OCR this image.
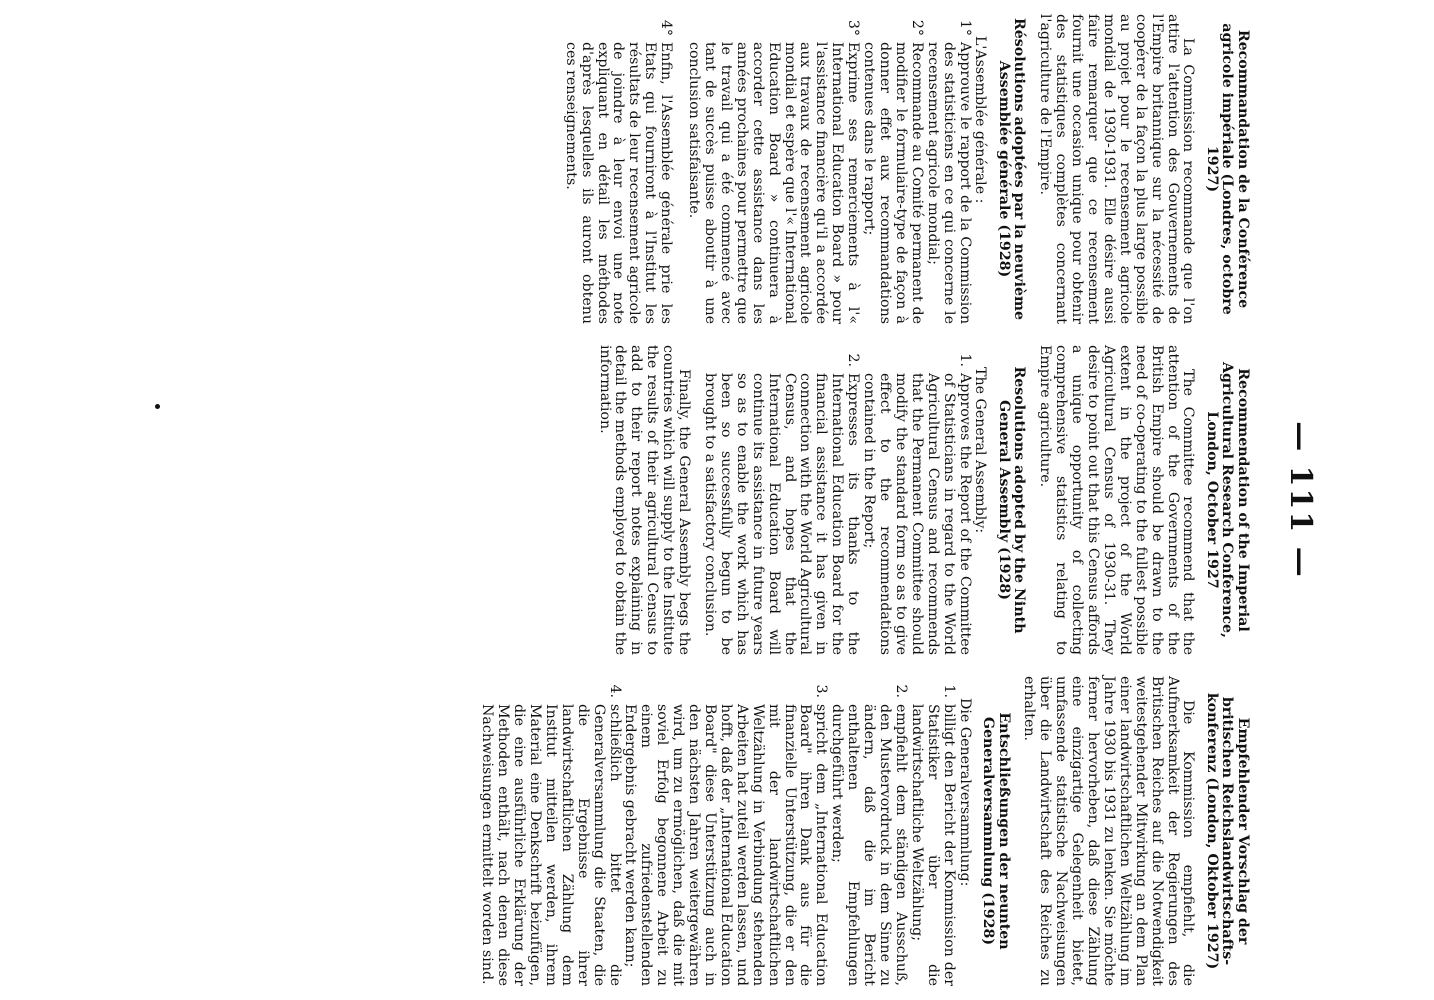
— 111 —

Recommandation de la Conférence agricole impériale (Londres, octobre 1927)

La Commission recommande que l'on attire l'attention des Gouvernements de l'Empire britannique sur la nécessité de coopérer de la façon la plus large possible au projet pour le recensement agricole mondial de 1930-1931. Elle désire aussi faire remarquer que ce recensement fournit une occasion unique pour obtenir des statistiques complètes concernant l'agriculture de l'Empire.

Résolutions adoptées par la neuvième Assemblée générale (1928)

L'Assemblée générale :

1°
Approuve le rapport de la Commission des statisticiens en ce qui concerne le recensement agricole mondial;
2°
Recommande au Comité permanent de modifier le formulaire-type de façon à donner effet aux recommandations contenues dans le rapport;
3°
Exprime ses remerciements à l'« International Education Board » pour l'assistance financière qu'il a accordée aux travaux de recensement agricole mondial et espère que l'« International Education Board » continuera à accorder cette assistance dans les années prochaines pour permettre que le travail qui a été commencé avec tant de succès puisse aboutir à une conclusion satisfaisante.
4°
Enfin, l'Assemblée générale prie les Etats qui fourniront à l'Institut les résultats de leur recensement agricole de joindre à leur envoi une note expliquant en détail les méthodes d'après lesquelles ils auront obtenu ces renseignements.

Recommendation of the Imperial Agricultural Research Conference, London, October 1927

The Committee recommend that the attention of the Governments of the British Empire should be drawn to the need of co-operating to the fullest possible extent in the project of the World Agricultural Census of 1930-31. They desire to point out that this Census affords a unique opportunity of collecting comprehensive statistics relating to Empire agriculture.

Resolutions adopted by the Ninth General Assembly (1928)

The General Assembly:

1.
Approves the Report of the Committee of Statisticians in regard to the World Agricultural Census and recommends that the Permanent Committee should modify the standard form so as to give effect to the recommendations contained in the Report;
2.
Expresses its thanks to the International Education Board for the financial assistance it has given in connection with the World Agricultural Census, and hopes that the International Education Board will continue its assistance in future years so as to enable the work which has been so successfully begun to be brought to a satisfactory conclusion.

Finally, the General Assembly begs the countries which will supply to the Institute the results of their agricultural Census to add to their report notes explaining in detail the methods employed to obtain the information.

Empfehlender Vorschlag der britischen Reichslandwirtschafts-konferenz (London, Oktober 1927)

Die Kommission empfiehlt, die Aufmerksamkeit der Regierungen des Britischen Reiches auf die Notwendigkeit weitestgehender Mitwirkung an dem Plan einer landwirtschaftlichen Weltzählung im Jahre 1930 bis 1931 zu lenken. Sie möchte ferner hervorheben, daß diese Zählung eine einzigartige Gelegenheit bietet, umfassende statistische Nachweisungen über die Landwirtschaft des Reiches zu erhalten.

Entschließungen der neunten Generalversammlung (1928)

Die Generalversammlung:

1.
billigt den Bericht der Kommission der Statistiker über die landwirtschaftliche Weltzählung;
2.
empfiehlt dem ständigen Ausschuß, den Mustervordruck in dem Sinne zu ändern, daß die im Bericht enthaltenen Empfehlungen durchgeführt werden;
3.
spricht dem „International Education Board" ihren Dank aus für die finanzielle Unterstützung, die er den mit der landwirtschaftlichen Weltzählung in Verbindung stehenden Arbeiten hat zuteil werden lassen, und hofft, daß der „International Education Board" diese Unterstützung auch in den nächsten Jahren weitergewähren wird, um zu ermöglichen, daß die mit soviel Erfolg begonnene Arbeit zu einem zufriedenstellenden Endergebnis gebracht werden kann;
4.
schließlich bittet die Generalversammlung die Staaten, die die Ergebnisse ihrer landwirtschaftlichen Zählung dem Institut mitteilen werden, ihrem Material eine Denkschrift beizufügen, die eine ausführliche Erklärung der Methoden enthält, nach denen diese Nachweisungen ermittelt worden sind.
